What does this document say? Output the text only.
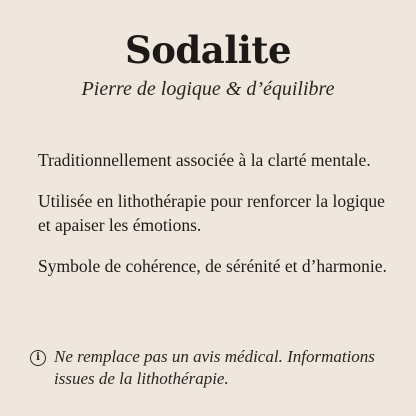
Sodalite
Pierre de logique & d’équilibre

Traditionnellement associée à la clarté mentale.

Utilisée en lithothérapie pour renforcer la logique et apaiser les émotions.

Symbole de cohérence, de sérénité et d’harmonie.

i Ne remplace pas un avis médical. Informations issues de la lithothérapie.
